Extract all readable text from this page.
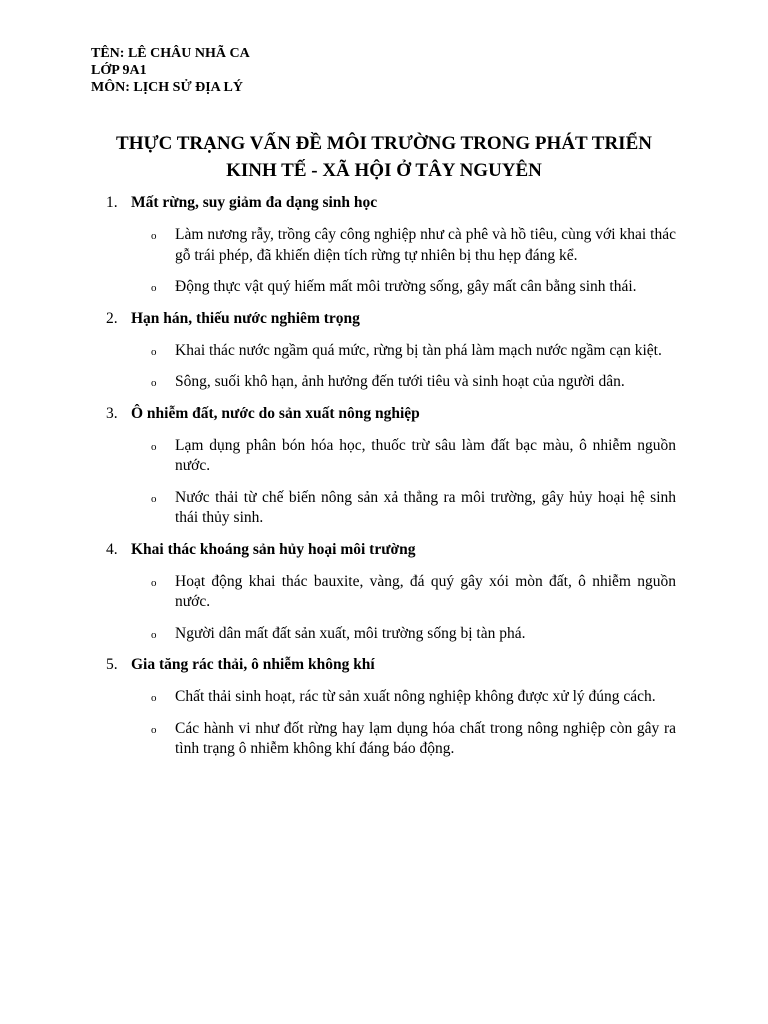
TÊN: LÊ CHÂU NHÃ CA
LỚP 9A1
MÔN: LỊCH SỬ ĐỊA LÝ
THỰC TRẠNG VẤN ĐỀ MÔI TRƯỜNG TRONG PHÁT TRIỂN
KINH TẾ - XÃ HỘI Ở TÂY NGUYÊN
1. Mất rừng, suy giảm đa dạng sinh học
o Làm nương rẫy, trồng cây công nghiệp như cà phê và hồ tiêu, cùng với khai thác gỗ trái phép, đã khiến diện tích rừng tự nhiên bị thu hẹp đáng kể.
o Động thực vật quý hiếm mất môi trường sống, gây mất cân bằng sinh thái.
2. Hạn hán, thiếu nước nghiêm trọng
o Khai thác nước ngầm quá mức, rừng bị tàn phá làm mạch nước ngầm cạn kiệt.
o Sông, suối khô hạn, ảnh hưởng đến tưới tiêu và sinh hoạt của người dân.
3. Ô nhiễm đất, nước do sản xuất nông nghiệp
o Lạm dụng phân bón hóa học, thuốc trừ sâu làm đất bạc màu, ô nhiễm nguồn nước.
o Nước thải từ chế biến nông sản xả thẳng ra môi trường, gây hủy hoại hệ sinh thái thủy sinh.
4. Khai thác khoáng sản hủy hoại môi trường
o Hoạt động khai thác bauxite, vàng, đá quý gây xói mòn đất, ô nhiễm nguồn nước.
o Người dân mất đất sản xuất, môi trường sống bị tàn phá.
5. Gia tăng rác thải, ô nhiễm không khí
o Chất thải sinh hoạt, rác từ sản xuất nông nghiệp không được xử lý đúng cách.
o Các hành vi như đốt rừng hay lạm dụng hóa chất trong nông nghiệp còn gây ra tình trạng ô nhiễm không khí đáng báo động.
